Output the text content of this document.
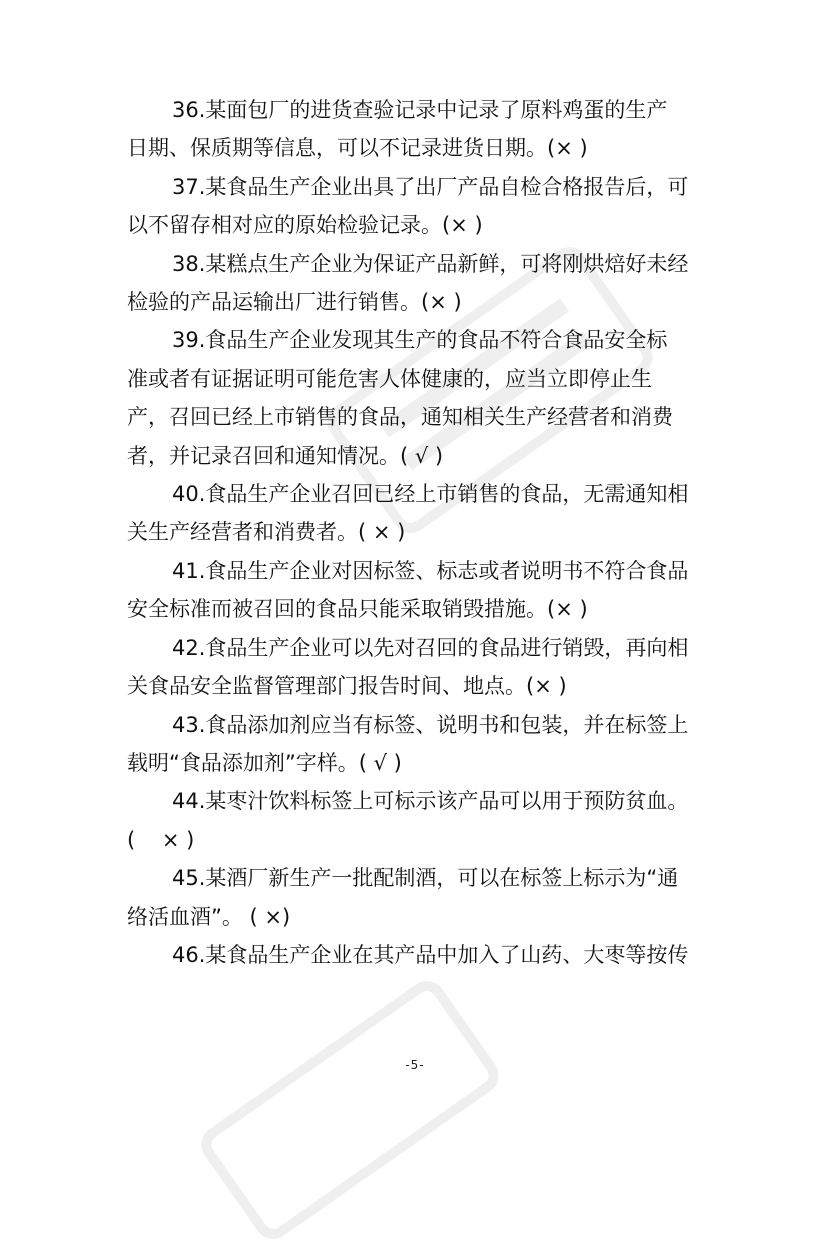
36.某面包厂的进货查验记录中记录了原料鸡蛋的生产

日期、保质期等信息，可以不记录进货日期。(× )

37.某食品生产企业出具了出厂产品自检合格报告后，可

以不留存相对应的原始检验记录。(× )

38.某糕点生产企业为保证产品新鲜，可将刚烘焙好未经

检验的产品运输出厂进行销售。(× )

39.食品生产企业发现其生产的食品不符合食品安全标

准或者有证据证明可能危害人体健康的，应当立即停止生

产，召回已经上市销售的食品，通知相关生产经营者和消费

者，并记录召回和通知情况。( √ )

40.食品生产企业召回已经上市销售的食品，无需通知相

关生产经营者和消费者。( × )

41.食品生产企业对因标签、标志或者说明书不符合食品

安全标准而被召回的食品只能采取销毁措施。(× )

42.食品生产企业可以先对召回的食品进行销毁，再向相

关食品安全监督管理部门报告时间、地点。(× )

43.食品添加剂应当有标签、说明书和包装，并在标签上

载明“食品添加剂”字样。( √ )

44.某枣汁饮料标签上可标示该产品可以用于预防贫血。

(    × )

45.某酒厂新生产一批配制酒，可以在标签上标示为“通

络活血酒”。 ( ×)

46.某食品生产企业在其产品中加入了山药、大枣等按传

-5-
